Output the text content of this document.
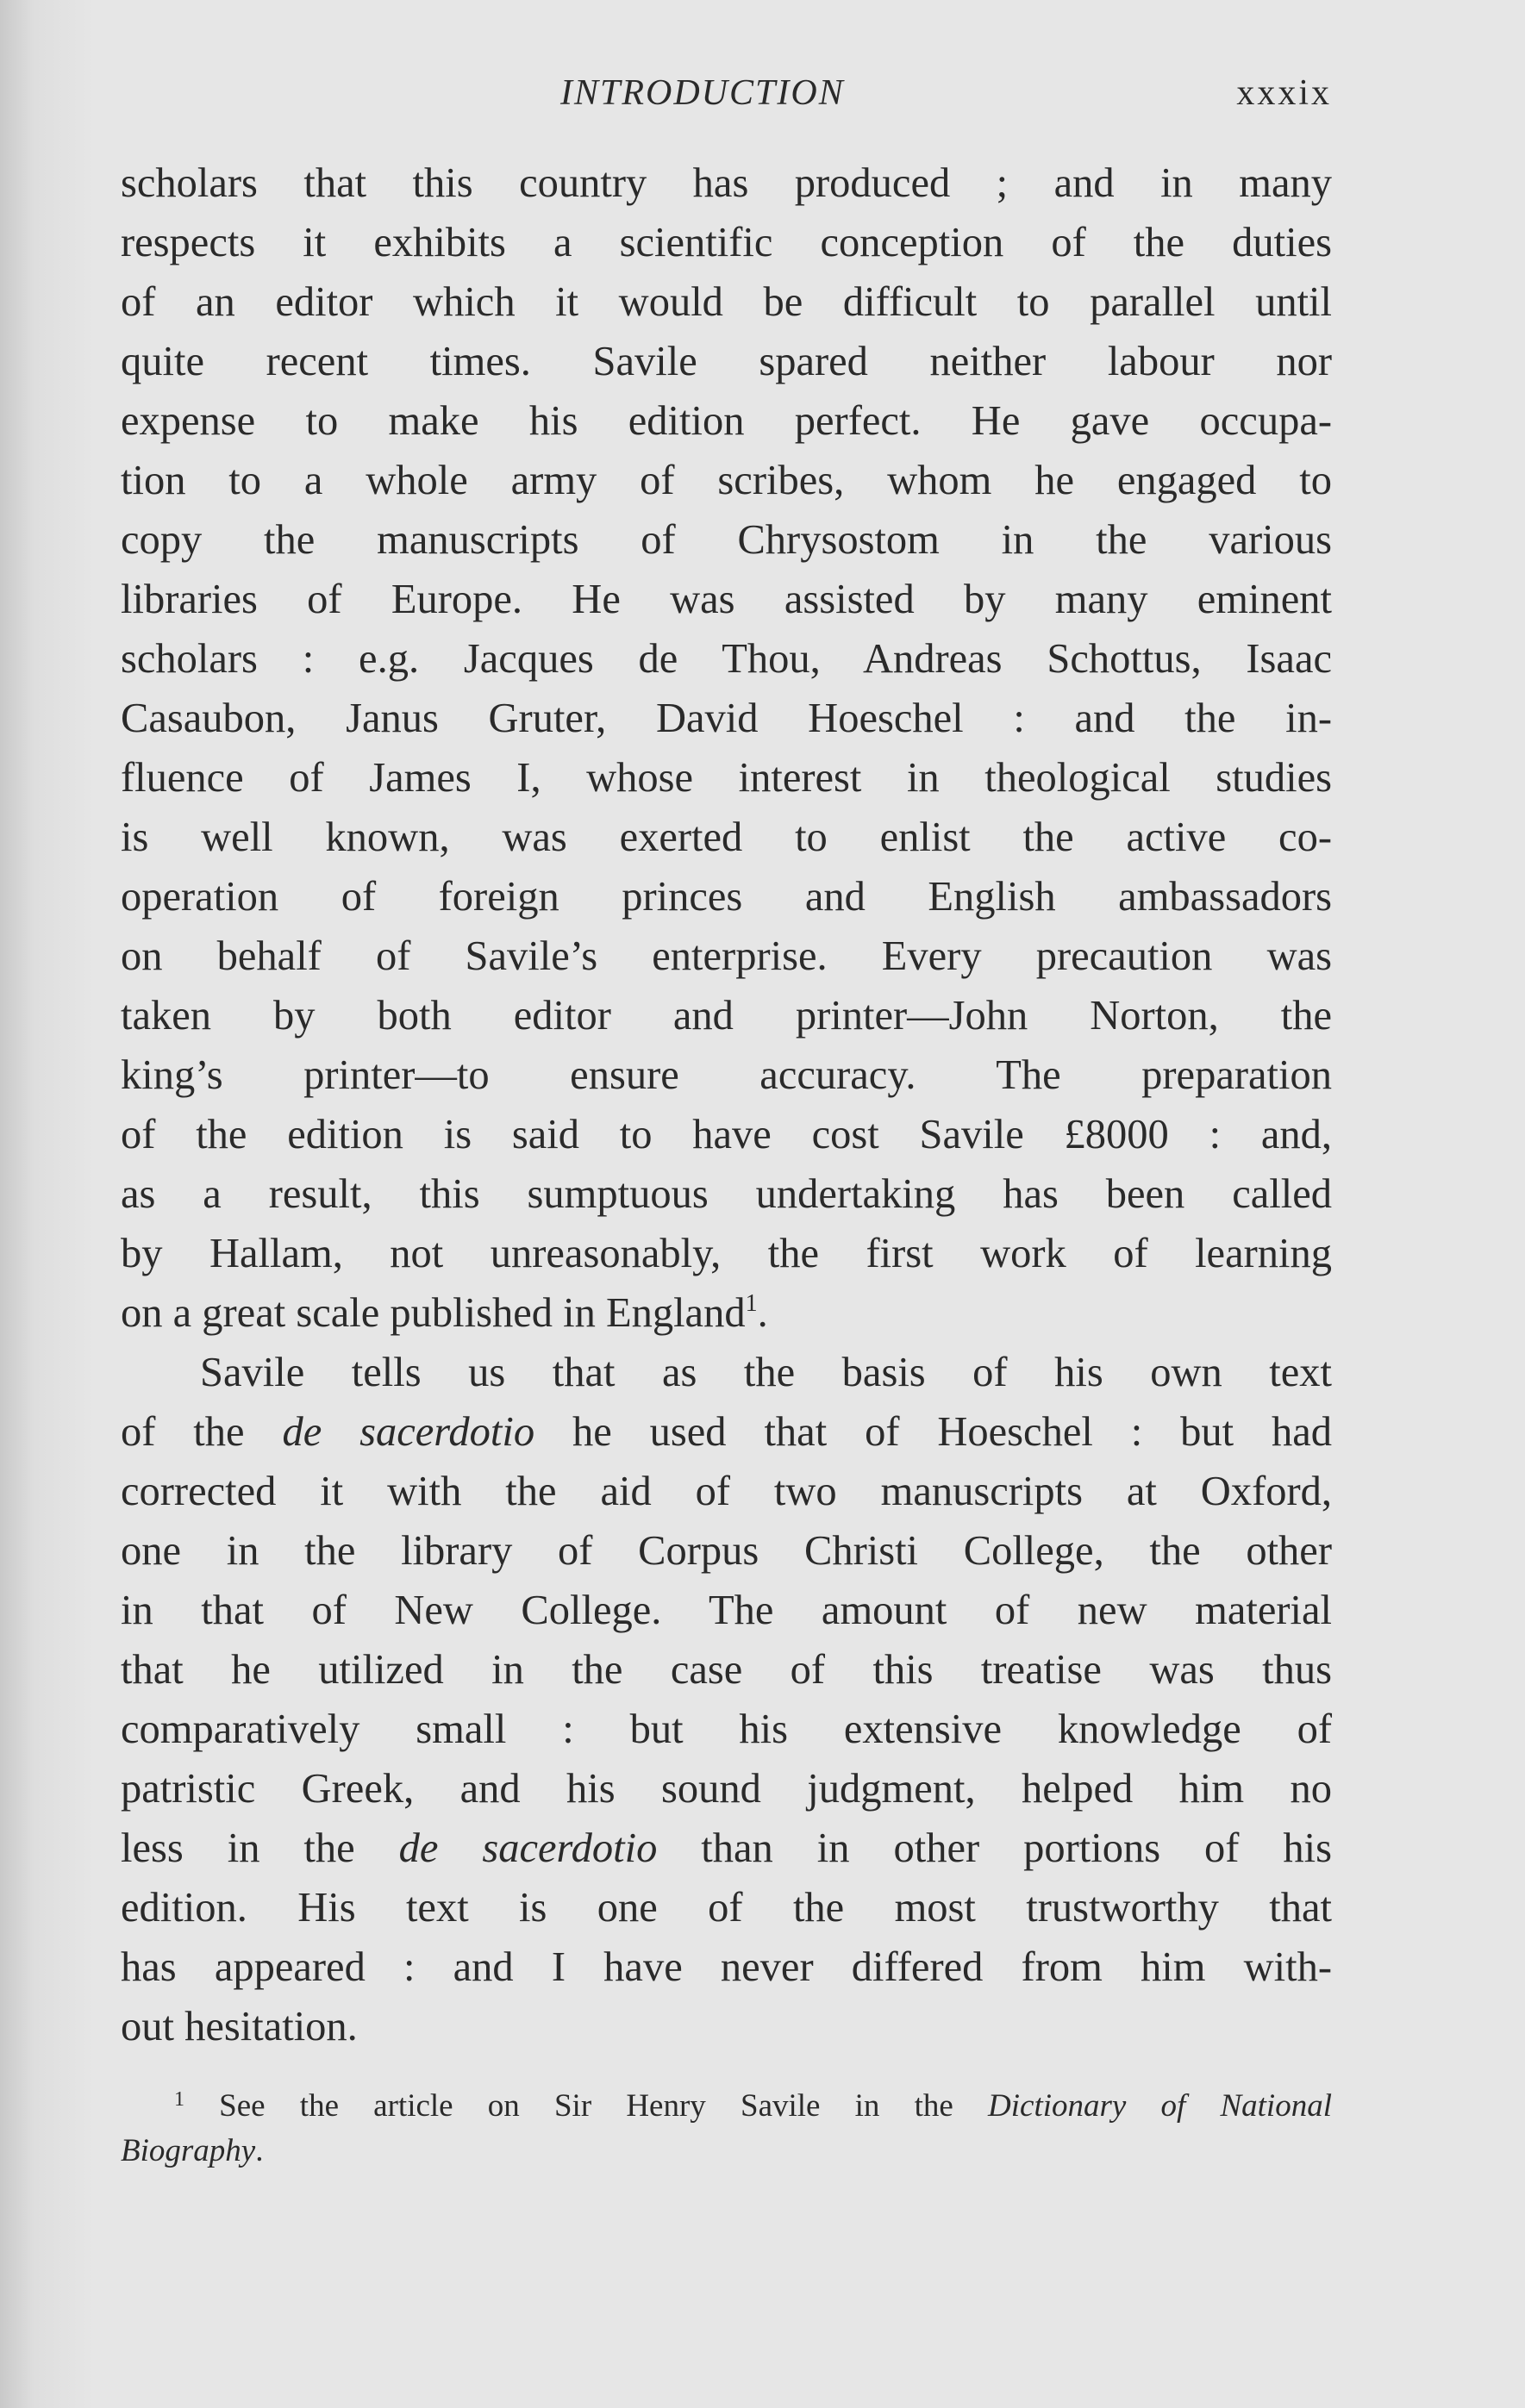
INTRODUCTION	xxxix
scholars that this country has produced ; and in many
respects it exhibits a scientific conception of the duties
of an editor which it would be difficult to parallel until
quite recent times. Savile spared neither labour nor
expense to make his edition perfect. He gave occupa-
tion to a whole army of scribes, whom he engaged to
copy the manuscripts of Chrysostom in the various
libraries of Europe. He was assisted by many eminent
scholars : e.g. Jacques de Thou, Andreas Schottus, Isaac
Casaubon, Janus Gruter, David Hoeschel : and the in-
fluence of James I, whose interest in theological studies
is well known, was exerted to enlist the active co-
operation of foreign princes and English ambassadors
on behalf of Savile’s enterprise. Every precaution was
taken by both editor and printer—John Norton, the
king’s printer—to ensure accuracy. The preparation
of the edition is said to have cost Savile £8000 : and,
as a result, this sumptuous undertaking has been called
by Hallam, not unreasonably, the first work of learning
on a great scale published in England$^1$.
Savile tells us that as the basis of his own text
of the de sacerdotio he used that of Hoeschel : but had
corrected it with the aid of two manuscripts at Oxford,
one in the library of Corpus Christi College, the other
in that of New College. The amount of new material
that he utilized in the case of this treatise was thus
comparatively small : but his extensive knowledge of
patristic Greek, and his sound judgment, helped him no
less in the de sacerdotio than in other portions of his
edition. His text is one of the most trustworthy that
has appeared : and I have never differed from him with-
out hesitation.
$^1$ See the article on Sir Henry Savile in the Dictionary of National
Biography.
